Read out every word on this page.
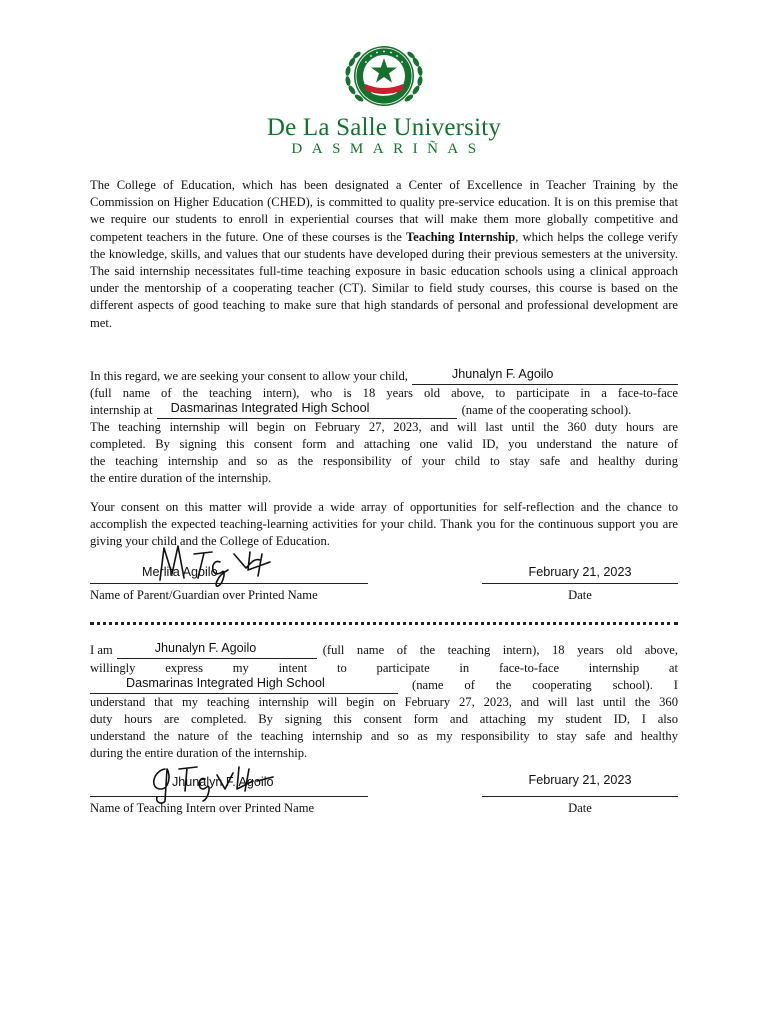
De La Salle University
DASMARIÑAS
The College of Education, which has been designated a Center of Excellence in Teacher Training by the Commission on Higher Education (CHED), is committed to quality pre-service education. It is on this premise that we require our students to enroll in experiential courses that will make them more globally competitive and competent teachers in the future. One of these courses is the Teaching Internship, which helps the college verify the knowledge, skills, and values that our students have developed during their previous semesters at the university. The said internship necessitates full-time teaching exposure in basic education schools using a clinical approach under the mentorship of a cooperating teacher (CT). Similar to field study courses, this course is based on the different aspects of good teaching to make sure that high standards of personal and professional development are met.
In this regard, we are seeking your consent to allow your child,	Jhunalyn F. Agoilo
(full name of the teaching intern), who is 18 years old above, to participate in a face-to-face
internship at Dasmarinas Integrated High School	(name of the cooperating school).
The teaching internship will begin on February 27, 2023, and will last until the 360 duty hours are
completed. By signing this consent form and attaching one valid ID, you understand the nature of
the teaching internship and so as the responsibility of your child to stay safe and healthy during
the entire duration of the internship.
Your consent on this matter will provide a wide array of opportunities for self-reflection and the chance to accomplish the expected teaching-learning activities for your child. Thank you for the continuous support you are giving your child and the College of Education.
Merlita Agoilo
Name of Parent/Guardian over Printed Name
February 21, 2023
Date
I am	Jhunalyn F. Agoilo	(full name of the teaching intern), 18 years old above,
willingly express my intent to participate in face-to-face internship at
Dasmarinas Integrated High School	(name of the cooperating school). I
understand that my teaching internship will begin on February 27, 2023, and will last until the 360
duty hours are completed. By signing this consent form and attaching my student ID, I also
understand the nature of the teaching internship and so as my responsibility to stay safe and healthy
during the entire duration of the internship.
Jhunalyn F. Agoilo
Name of Teaching Intern over Printed Name
February 21, 2023
Date
